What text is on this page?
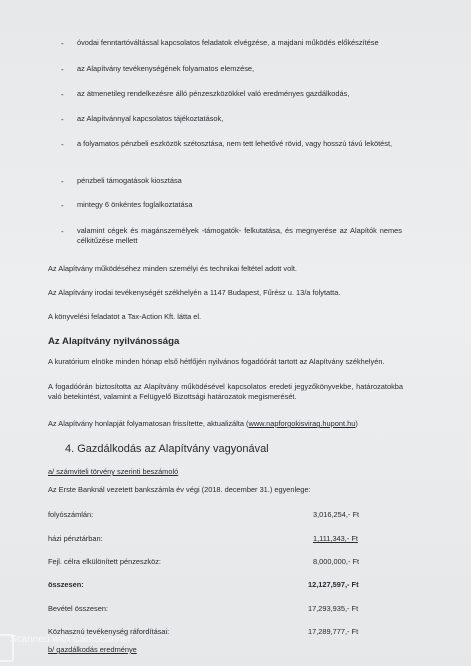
- óvodai fenntartóváltással kapcsolatos feladatok elvégzése, a majdani működés előkészítése
- az Alapítvány tevékenységének folyamatos elemzése,
- az átmenetileg rendelkezésre álló pénzeszközökkel való eredményes gazdálkodás,
- az Alapítvánnyal kapcsolatos tájékoztatások,
- a folyamatos pénzbeli eszközök szétosztása, nem tett lehetővé rövid, vagy hosszú távú lekötést,
- pénzbeli támogatások kiosztása
- mintegy 6 önkéntes foglalkoztatása
- valamint cégek és magánszemélyek -támogatók- felkutatása, és megnyerése az Alapítók nemes célkitűzése mellett
Az Alapítvány működéséhez minden személyi és technikai feltétel adott volt.
Az Alapítvány irodai tevékenységét székhelyén a 1147 Budapest, Fűrész u. 13/a folytatta.
A könyvelési feladatot a Tax-Action Kft. látta el.
Az Alapítvány nyilvánossága
A kuratórium elnöke minden hónap első hétfőjén nyilvános fogadóórát tartott az Alapítvány székhelyén.
A fogadóórán biztosította az Alapítvány működésével kapcsolatos eredeti jegyzőkönyvekbe, határozatokba való betekintést, valamint a Felügyelő Bizottsági határozatok megismerését.
Az Alapítvány honlapját folyamatosan frissítette, aktualizálta (www.napforgokisvirag.hupont.hu)
4. Gazdálkodás az Alapítvány vagyonával
a/ számviteli törvény szerinti beszámoló
Az Erste Banknál vezetett bankszámla év végi (2018. december 31.) egyenlege:
folyószámlán:	3,016,254,- Ft
házi pénztárban:	1,111,343,- Ft
Fejl. célra elkülönített pénzeszköz:	8,000,000,- Ft
összesen:	12,127,597,- Ft
Bevétel összesen:	17,293,935,- Ft
Közhasznú tevékenység ráfordításai:	17,289,777,- Ft
b/ gazdálkodás eredménye
Scanned with CamScanner
